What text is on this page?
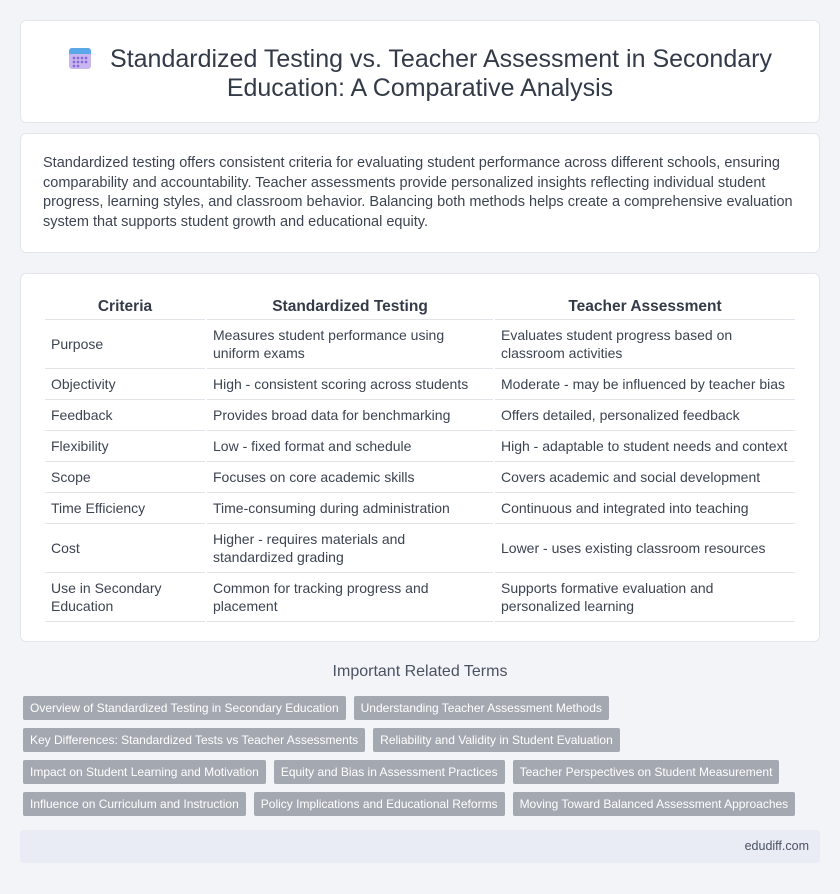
Standardized Testing vs. Teacher Assessment in Secondary Education: A Comparative Analysis

Standardized testing offers consistent criteria for evaluating student performance across different schools, ensuring comparability and accountability. Teacher assessments provide personalized insights reflecting individual student progress, learning styles, and classroom behavior. Balancing both methods helps create a comprehensive evaluation system that supports student growth and educational equity.

Criteria	Standardized Testing	Teacher Assessment
Purpose	Measures student performance using uniform exams	Evaluates student progress based on classroom activities
Objectivity	High - consistent scoring across students	Moderate - may be influenced by teacher bias
Feedback	Provides broad data for benchmarking	Offers detailed, personalized feedback
Flexibility	Low - fixed format and schedule	High - adaptable to student needs and context
Scope	Focuses on core academic skills	Covers academic and social development
Time Efficiency	Time-consuming during administration	Continuous and integrated into teaching
Cost	Higher - requires materials and standardized grading	Lower - uses existing classroom resources
Use in Secondary Education	Common for tracking progress and placement	Supports formative evaluation and personalized learning
Important Related Terms
Overview of Standardized Testing in Secondary Education	Understanding Teacher Assessment Methods
Key Differences: Standardized Tests vs Teacher Assessments	Reliability and Validity in Student Evaluation
Impact on Student Learning and Motivation	Equity and Bias in Assessment Practices	Teacher Perspectives on Student Measurement
Influence on Curriculum and Instruction	Policy Implications and Educational Reforms	Moving Toward Balanced Assessment Approaches
edudiff.com
